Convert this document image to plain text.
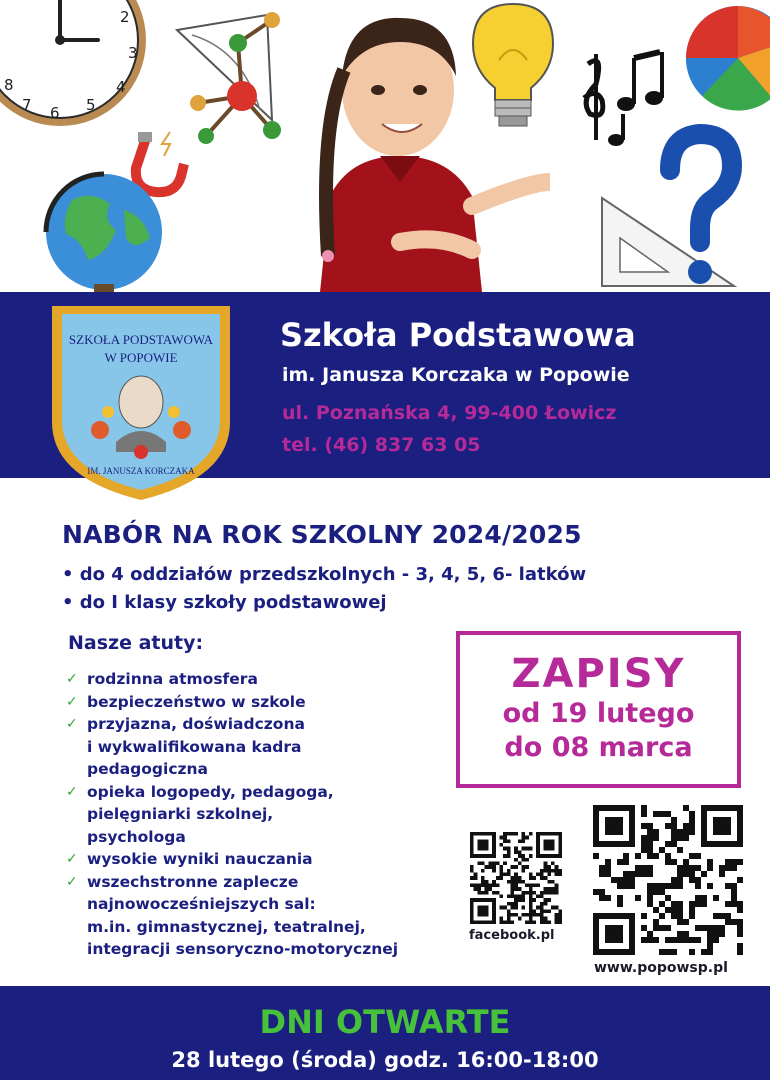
2
3
4
5
6
7
8
SZKOŁA PODSTAWOWA
W POPOWIE
IM. JANUSZA KORCZAKA
Szkoła Podstawowa
im. Janusza Korczaka w Popowie
ul. Poznańska 4, 99-400 Łowicz
tel. (46) 837 63 05
NABÓR NA ROK SZKOLNY 2024/2025
• do 4 oddziałów przedszkolnych - 3, 4, 5, 6- latków
• do I klasy szkoły podstawowej
Nasze atuty:
✓ rodzinna atmosfera
✓ bezpieczeństwo w szkole
✓ przyjazna, doświadczona
i wykwalifikowana kadra
pedagogiczna
✓ opieka logopedy, pedagoga,
pielęgniarki szkolnej,
psychologa
✓ wysokie wyniki nauczania
✓ wszechstronne zaplecze
najnowocześniejszych sal:
m.in. gimnastycznej, teatralnej,
integracji sensoryczno-motorycznej
ZAPISY
od 19 lutego
do 08 marca
facebook.pl
www.popowsp.pl
DNI OTWARTE
28 lutego (środa) godz. 16:00-18:00
